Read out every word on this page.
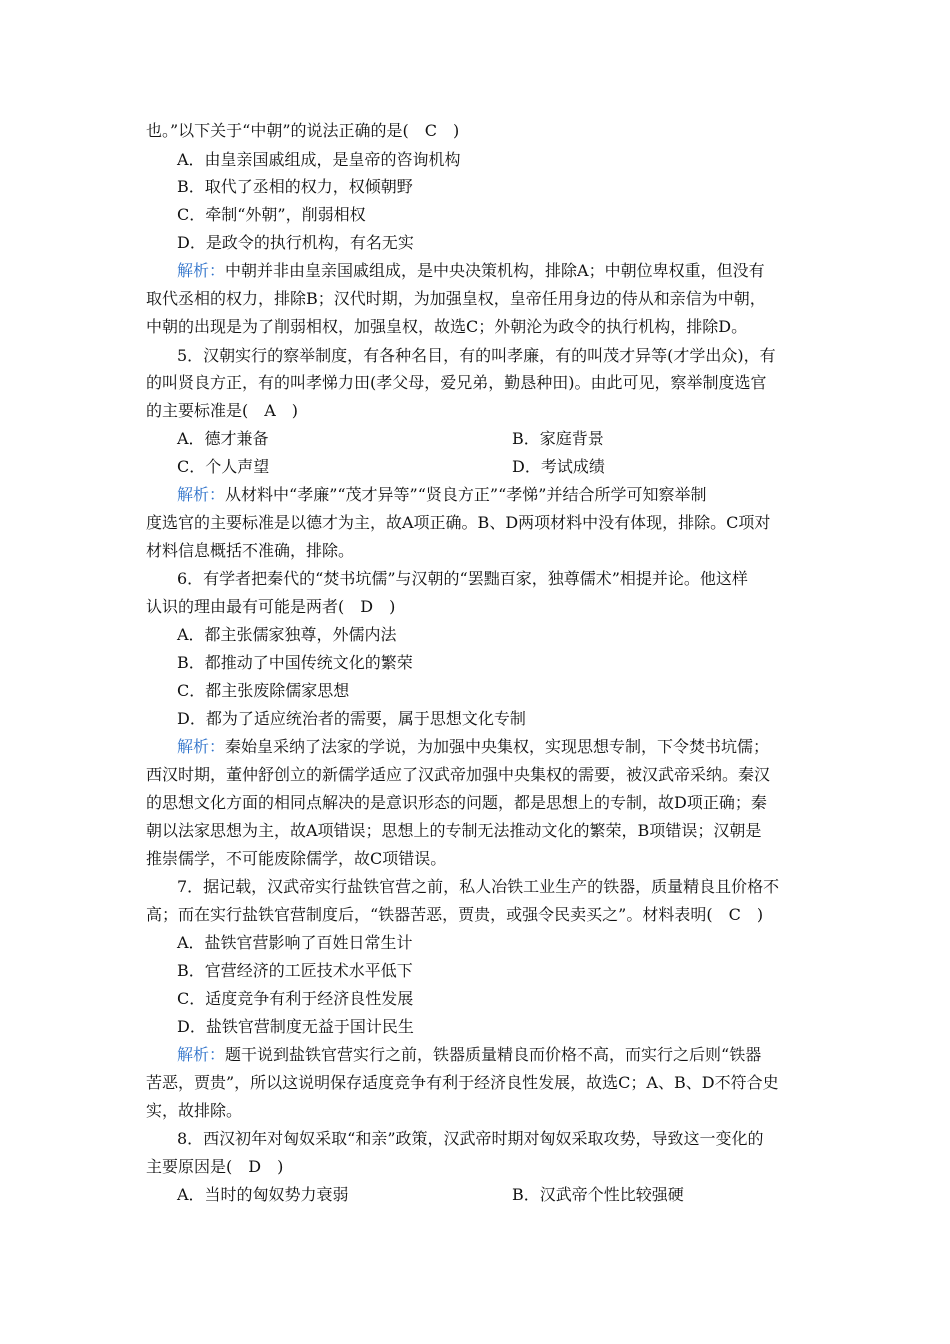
也。”以下关于“中朝”的说法正确的是(　C　)
A．由皇亲国戚组成，是皇帝的咨询机构
B．取代了丞相的权力，权倾朝野
C．牵制“外朝”，削弱相权
D．是政令的执行机构，有名无实
解析：中朝并非由皇亲国戚组成，是中央决策机构，排除A；中朝位卑权重，但没有
取代丞相的权力，排除B；汉代时期，为加强皇权，皇帝任用身边的侍从和亲信为中朝，
中朝的出现是为了削弱相权，加强皇权，故选C；外朝沦为政令的执行机构，排除D。
5．汉朝实行的察举制度，有各种名目，有的叫孝廉，有的叫茂才异等(才学出众)，有
的叫贤良方正，有的叫孝悌力田(孝父母，爱兄弟，勤恳种田)。由此可见，察举制度选官
的主要标准是(　A　)
A．德才兼备	B．家庭背景
C．个人声望	D．考试成绩
解析：从材料中“孝廉”“茂才异等”“贤良方正”“孝悌”并结合所学可知察举制
度选官的主要标准是以德才为主，故A项正确。B、D两项材料中没有体现，排除。C项对
材料信息概括不准确，排除。
6．有学者把秦代的“焚书坑儒”与汉朝的“罢黜百家，独尊儒术”相提并论。他这样
认识的理由最有可能是两者(　D　)
A．都主张儒家独尊，外儒内法
B．都推动了中国传统文化的繁荣
C．都主张废除儒家思想
D．都为了适应统治者的需要，属于思想文化专制
解析：秦始皇采纳了法家的学说，为加强中央集权，实现思想专制，下令焚书坑儒；
西汉时期，董仲舒创立的新儒学适应了汉武帝加强中央集权的需要，被汉武帝采纳。秦汉
的思想文化方面的相同点解决的是意识形态的问题，都是思想上的专制，故D项正确；秦
朝以法家思想为主，故A项错误；思想上的专制无法推动文化的繁荣，B项错误；汉朝是
推崇儒学，不可能废除儒学，故C项错误。
7．据记载，汉武帝实行盐铁官营之前，私人冶铁工业生产的铁器，质量精良且价格不
高；而在实行盐铁官营制度后，“铁器苦恶，贾贵，或强令民卖买之”。材料表明(　C　)
A．盐铁官营影响了百姓日常生计
B．官营经济的工匠技术水平低下
C．适度竞争有利于经济良性发展
D．盐铁官营制度无益于国计民生
解析：题干说到盐铁官营实行之前，铁器质量精良而价格不高，而实行之后则“铁器
苦恶，贾贵”，所以这说明保存适度竞争有利于经济良性发展，故选C；A、B、D不符合史
实，故排除。
8．西汉初年对匈奴采取“和亲”政策，汉武帝时期对匈奴采取攻势，导致这一变化的
主要原因是(　D　)
A．当时的匈奴势力衰弱	B．汉武帝个性比较强硬
